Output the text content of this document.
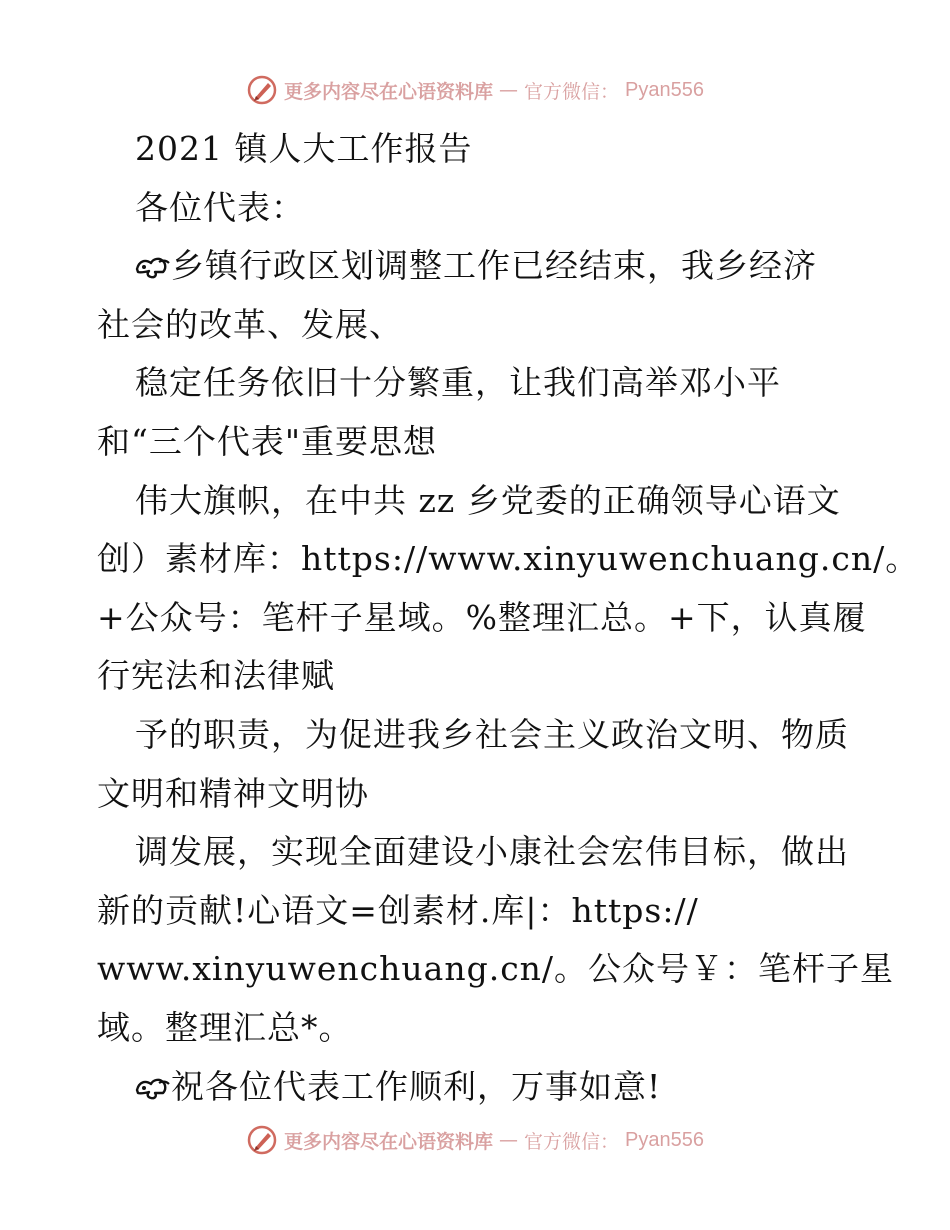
更多内容尽在心语资料库 — 官方微信： Pyan556
2021 镇人大工作报告
各位代表：
乡镇行政区划调整工作已经结束，我乡经济
社会的改革、发展、
稳定任务依旧十分繁重，让我们高举邓小平
和“三个代表"重要思想
伟大旗帜，在中共 zz 乡党委的正确领导心语文
创）素材库：https://www.xinyuwenchuang.cn/。
+公众号：笔杆子星域。%整理汇总。+下，认真履
行宪法和法律赋
予的职责，为促进我乡社会主义政治文明、物质
文明和精神文明协
调发展，实现全面建设小康社会宏伟目标，做出
新的贡献!心语文=创素材.库|：https://
www.xinyuwenchuang.cn/。公众号￥：笔杆子星
域。整理汇总*。
祝各位代表工作顺利，万事如意!
更多内容尽在心语资料库 — 官方微信： Pyan556
